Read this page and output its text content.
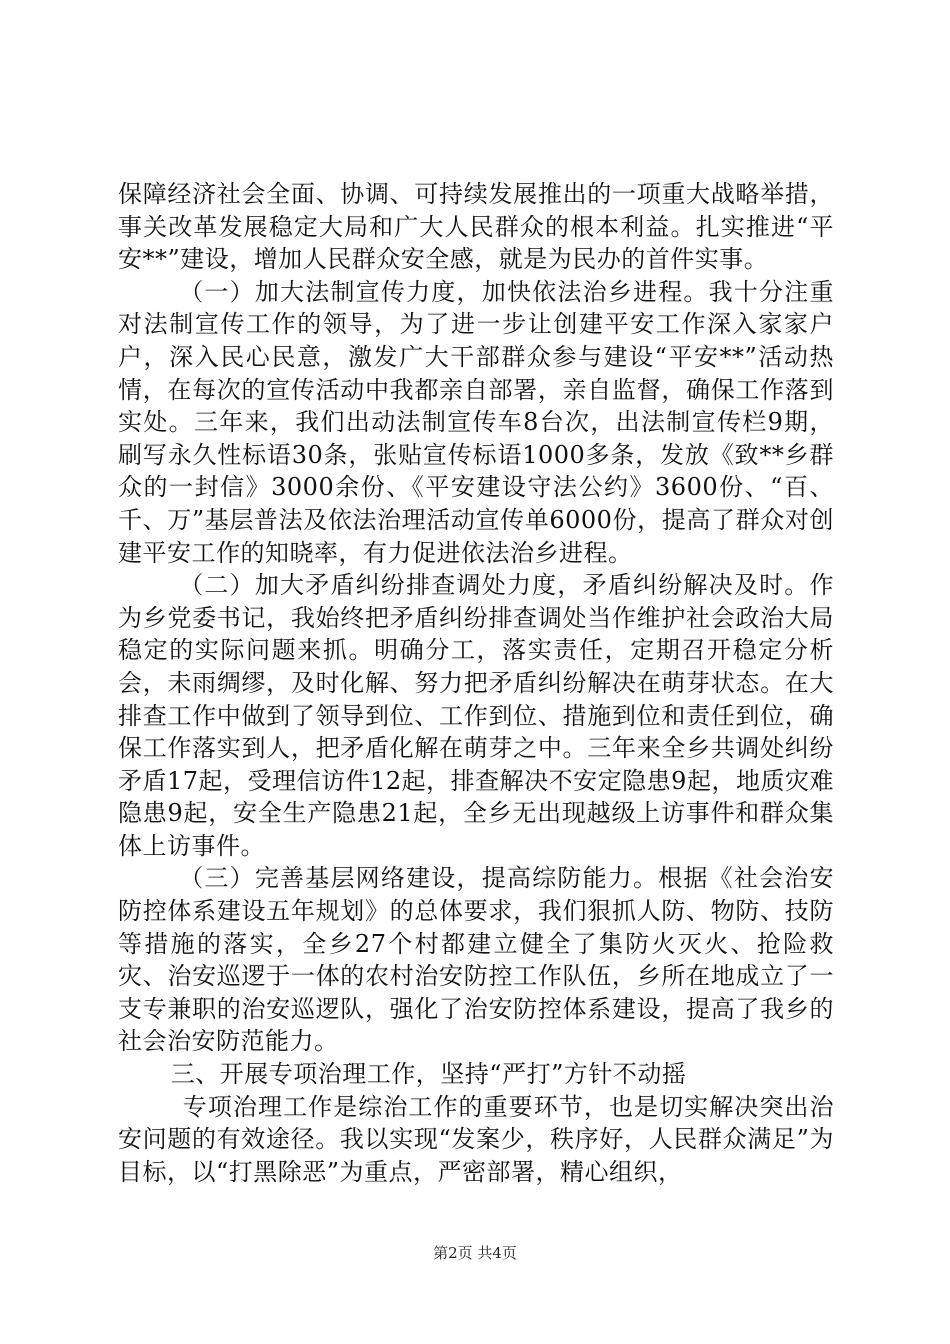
保障经济社会全面、协调、可持续发展推出的一项重大战略举措，事关改革发展稳定大局和广大人民群众的根本利益。扎实推进“平安**”建设，增加人民群众安全感，就是为民办的首件实事。

（一）加大法制宣传力度，加快依法治乡进程。我十分注重对法制宣传工作的领导，为了进一步让创建平安工作深入家家户户，深入民心民意，激发广大干部群众参与建设“平安**”活动热情，在每次的宣传活动中我都亲自部署，亲自监督，确保工作落到实处。三年来，我们出动法制宣传车8台次，出法制宣传栏9期，刷写永久性标语30条，张贴宣传标语1000多条，发放《致**乡群众的一封信》3000余份、《平安建设守法公约》3600份、“百、千、万”基层普法及依法治理活动宣传单6000份，提高了群众对创建平安工作的知晓率，有力促进依法治乡进程。

（二）加大矛盾纠纷排查调处力度，矛盾纠纷解决及时。作为乡党委书记，我始终把矛盾纠纷排查调处当作维护社会政治大局稳定的实际问题来抓。明确分工，落实责任，定期召开稳定分析会，未雨绸缪，及时化解、努力把矛盾纠纷解决在萌芽状态。在大排查工作中做到了领导到位、工作到位、措施到位和责任到位，确保工作落实到人，把矛盾化解在萌芽之中。三年来全乡共调处纠纷矛盾17起，受理信访件12起，排查解决不安定隐患9起，地质灾难隐患9起，安全生产隐患21起，全乡无出现越级上访事件和群众集体上访事件。

（三）完善基层网络建设，提高综防能力。根据《社会治安防控体系建设五年规划》的总体要求，我们狠抓人防、物防、技防等措施的落实，全乡27个村都建立健全了集防火灭火、抢险救灾、治安巡逻于一体的农村治安防控工作队伍，乡所在地成立了一支专兼职的治安巡逻队，强化了治安防控体系建设，提高了我乡的社会治安防范能力。

三、开展专项治理工作，坚持“严打”方针不动摇

专项治理工作是综治工作的重要环节，也是切实解决突出治安问题的有效途径。我以实现“发案少，秩序好，人民群众满足”为目标，以“打黑除恶”为重点，严密部署，精心组织，

第2页 共4页
